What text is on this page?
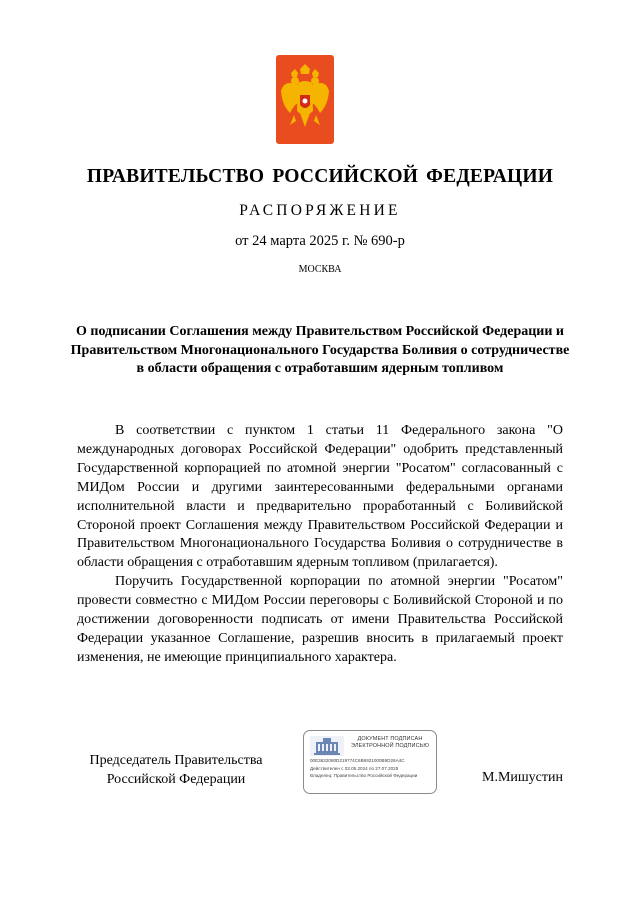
ПРАВИТЕЛЬСТВО РОССИЙСКОЙ ФЕДЕРАЦИИ
РАСПОРЯЖЕНИЕ
от 24 марта 2025 г. № 690-р
МОСКВА
О подписании Соглашения между Правительством Российской Федерации и Правительством Многонационального Государства Боливия о сотрудничестве в области обращения с отработавшим ядерным топливом

В соответствии с пунктом 1 статьи 11 Федерального закона "О международных договорах Российской Федерации" одобрить представленный Государственной корпорацией по атомной энергии "Росатом" согласованный с МИДом России и другими заинтересованными федеральными органами исполнительной власти и предварительно проработанный с Боливийской Стороной проект Соглашения между Правительством Российской Федерации и Правительством Многонационального Государства Боливия о сотрудничестве в области обращения с отработавшим ядерным топливом (прилагается).

Поручить Государственной корпорации по атомной энергии "Росатом" провести совместно с МИДом России переговоры с Боливийской Стороной и по достижении договоренности подписать от имени Правительства Российской Федерации указанное Соглашение, разрешив вносить в прилагаемый проект изменения, не имеющие принципиального характера.

Председатель Правительства Российской Федерации
ДОКУМЕНТ ПОДПИСАН ЭЛЕКТРОННОЙ ПОДПИСЬЮ
00E3632080D219774C6B6921000B9D26A4C
Действителен с 03.05.2024 по 27.07.2025
Владелец: Правительство Российской Федерации	М.Мишустин
